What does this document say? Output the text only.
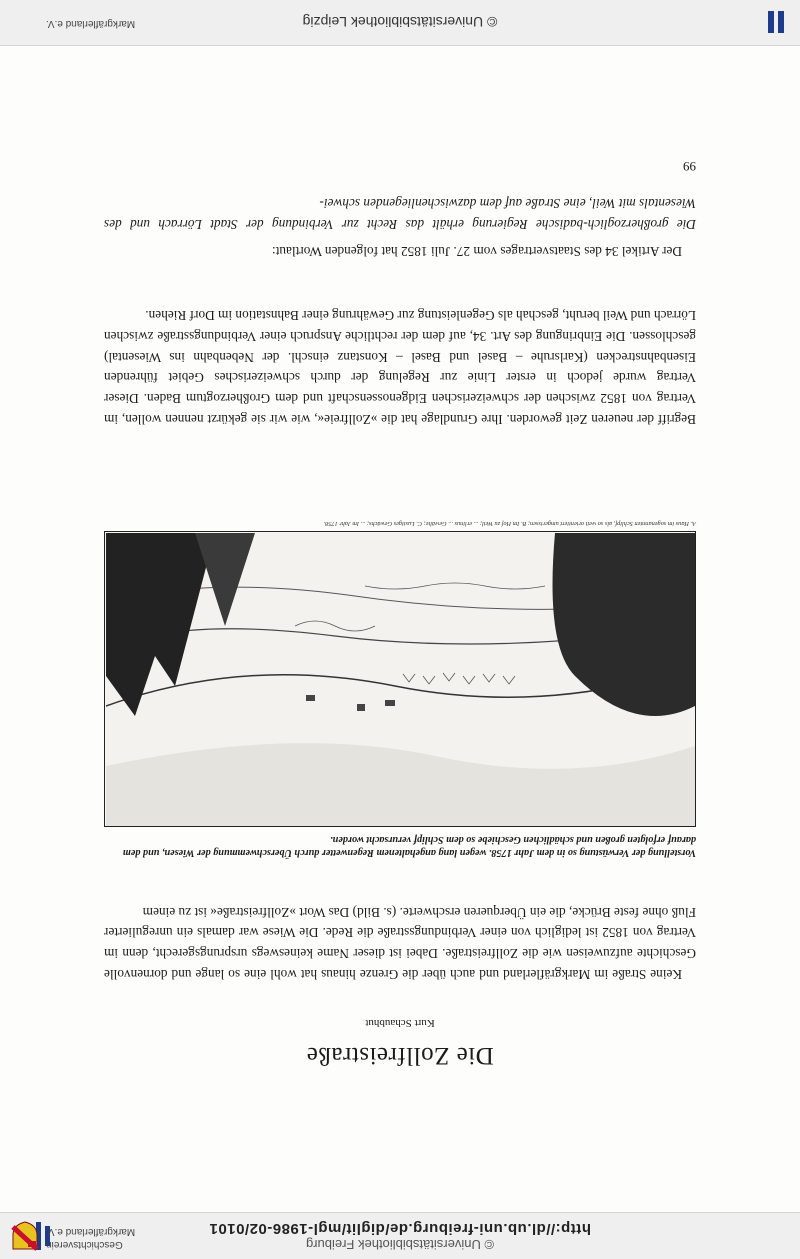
© Universitätsbibliothek Freiburg
http://dl.ub.uni-freiburg.de/diglit/mgl-1986-02/0101
Geschichtsverein
Markgräflerland e.V.
Die Zollfreistraße
Kurt Schaubhut

Keine Straße im Markgräflerland und auch über die Grenze hinaus hat wohl eine so lange und dornenvolle Geschichte aufzuweisen wie die Zollfreistraße. Dabei ist dieser Name keineswegs ursprungsgerecht, denn im Vertrag von 1852 ist lediglich von einer Verbindungsstraße die Rede. Die Wiese war damals ein unregulierter Fluß ohne feste Brücke, die ein Überqueren erschwerte. (s. Bild) Das Wort »Zollfreistraße« ist zu einem

Vorstellung der Verwüstung so in dem Jahr 1758. wegen lang angehaltenem Regenwetter durch Überschwemmung der Wiesen, und dem darauf erfolgten großen und schädlichen Geschiebe so dem Schlipf verursacht worden.
A. Haus im sogenannten Schlipf, als so weit orientiert umgerissen; B. Im Hof zu Weil; ... erlinus ... Gewälte; C. Lustiges Gewächs; ... Im Jahr 1758.

Begriff der neueren Zeit geworden. Ihre Grundlage hat die »Zollfreie«, wie wir sie gekürzt nennen wollen, im Vertrag von 1852 zwischen der schweizerischen Eidgenossenschaft und dem Großherzogtum Baden. Dieser Vertrag wurde jedoch in erster Linie zur Regelung der durch schweizerisches Gebiet führenden Eisenbahnstrecken (Karlsruhe – Basel und Basel – Konstanz einschl. der Nebenbahn ins Wiesental) geschlossen. Die Einbringung des Art. 34, auf dem der rechtliche Anspruch einer Verbindungsstraße zwischen Lörrach und Weil beruht, geschah als Gegenleistung zur Gewährung einer Bahnstation im Dorf Riehen.

Der Artikel 34 des Staatsvertrages vom 27. Juli 1852 hat folgenden Wortlaut:

Die großherzoglich-badische Regierung erhält das Recht zur Verbindung der Stadt Lörrach und des Wiesentals mit Weil, eine Straße auf dem dazwischenliegenden schwei-

99
© Universitätsbibliothek Leipzig
Markgräflerland e.V.
